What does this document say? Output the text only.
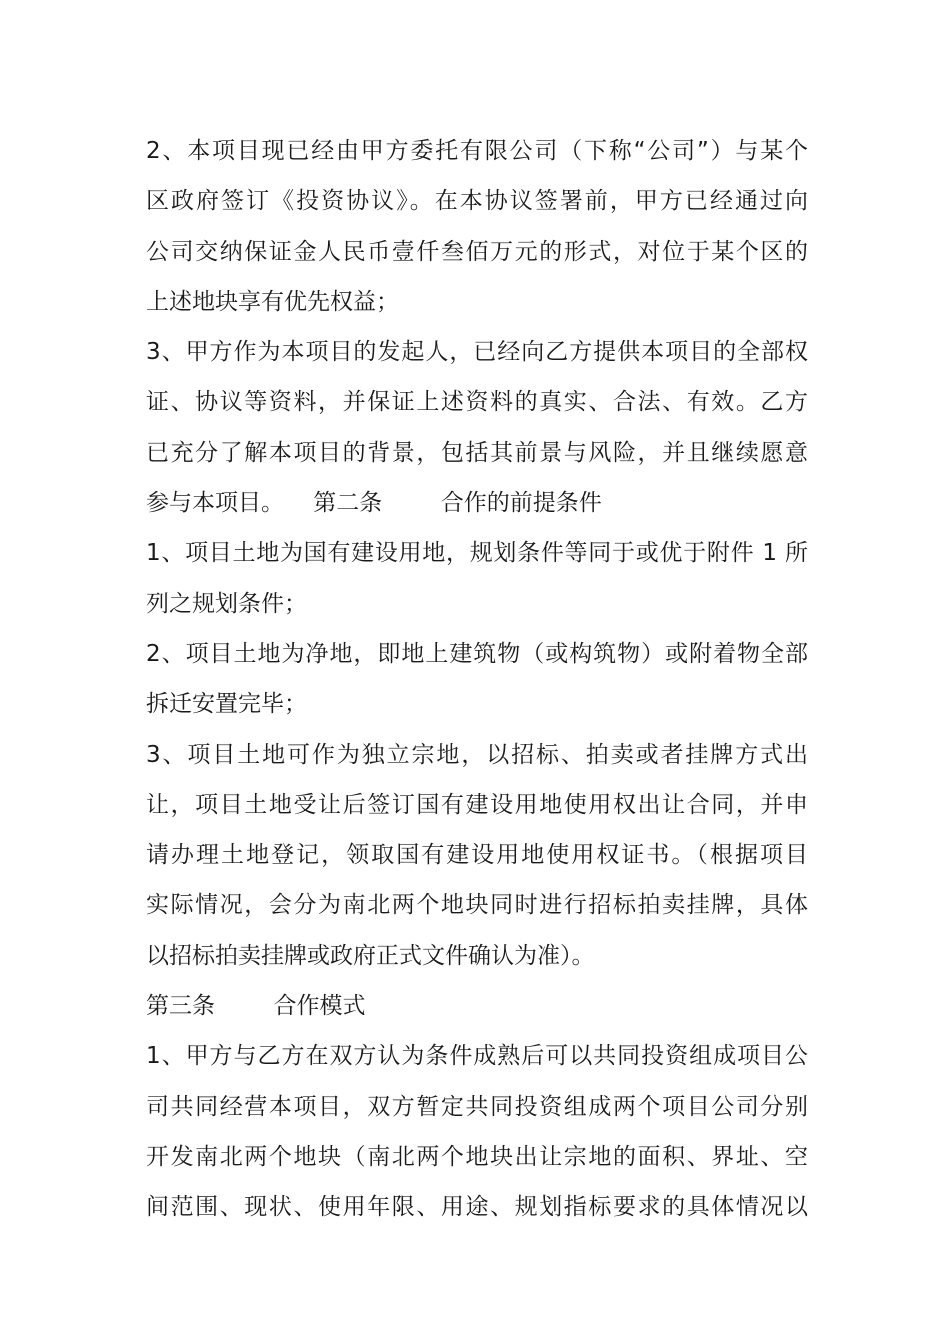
2、本项目现已经由甲方委托有限公司（下称“公司”）与某个
区政府签订《投资协议》。在本协议签署前，甲方已经通过向
公司交纳保证金人民币壹仟叁佰万元的形式，对位于某个区的
上述地块享有优先权益；
3、甲方作为本项目的发起人，已经向乙方提供本项目的全部权
证、协议等资料，并保证上述资料的真实、合法、有效。乙方
已充分了解本项目的背景，包括其前景与风险，并且继续愿意
参与本项目。    第二条        合作的前提条件
1、项目土地为国有建设用地，规划条件等同于或优于附件 1 所
列之规划条件；
2、项目土地为净地，即地上建筑物（或构筑物）或附着物全部
拆迁安置完毕；
3、项目土地可作为独立宗地，以招标、拍卖或者挂牌方式出
让，项目土地受让后签订国有建设用地使用权出让合同，并申
请办理土地登记，领取国有建设用地使用权证书。（根据项目
实际情况，会分为南北两个地块同时进行招标拍卖挂牌，具体
以招标拍卖挂牌或政府正式文件确认为准）。
第三条        合作模式
1、甲方与乙方在双方认为条件成熟后可以共同投资组成项目公
司共同经营本项目，双方暂定共同投资组成两个项目公司分别
开发南北两个地块（南北两个地块出让宗地的面积、界址、空
间范围、现状、使用年限、用途、规划指标要求的具体情况以
